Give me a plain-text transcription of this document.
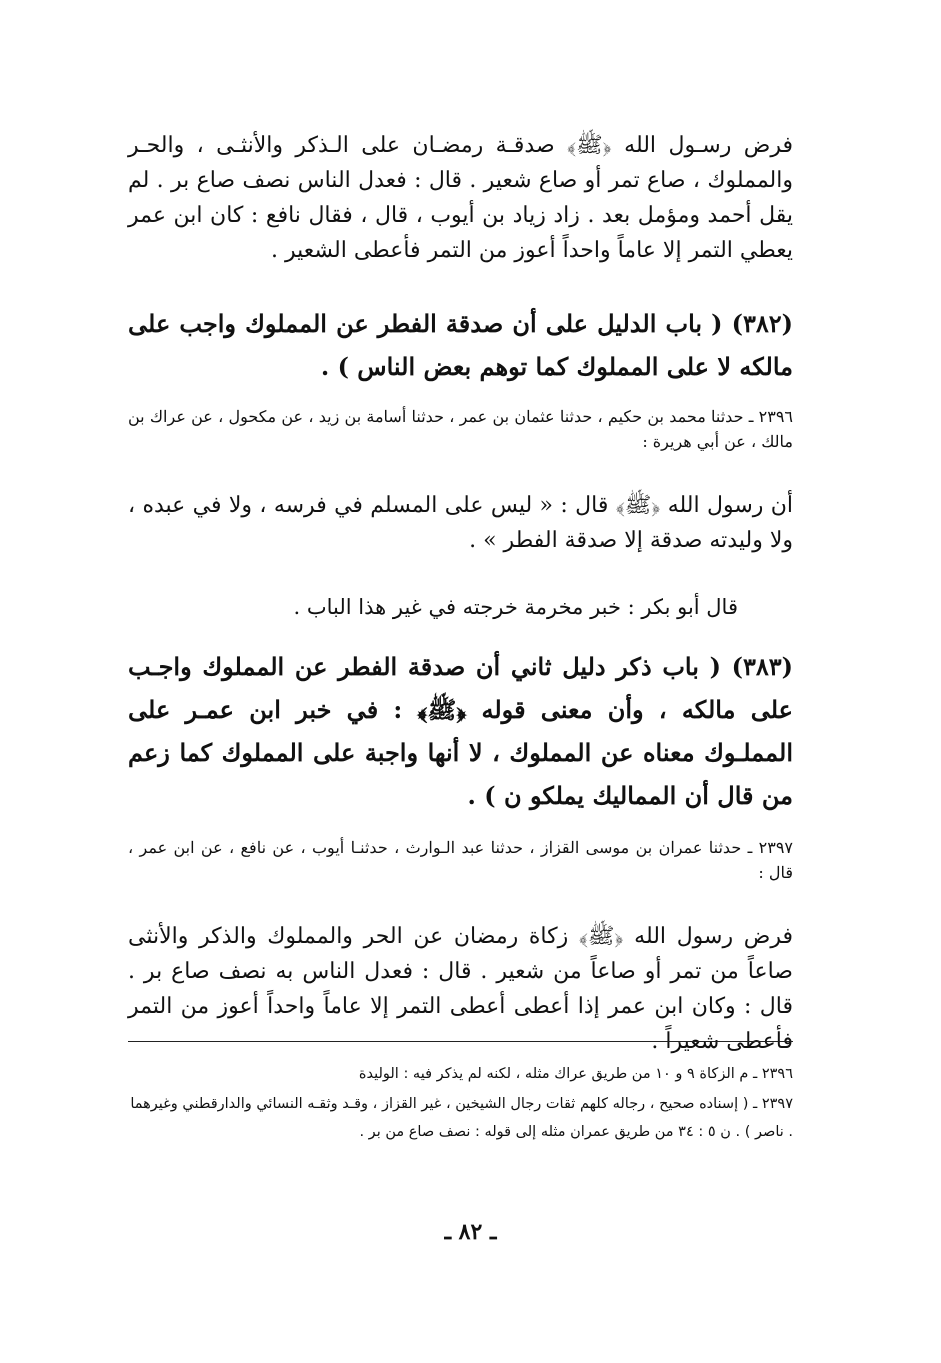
فرض رسـول الله ﴿ﷺ﴾ صدقـة رمضـان على الـذكر والأنثـى ، والحـر والمملوك ، صاع تمر أو صاع شعير . قال : فعدل الناس نصف صاع بر . لم يقل أحمد ومؤمل بعد . زاد زياد بن أيوب ، قال ، فقال نافع : كان ابن عمر يعطي التمر إلا عاماً واحداً أعوز من التمر فأعطى الشعير .
(٣٨٢) ( باب الدليل على أن صدقة الفطر عن المملوك واجب على مالكه لا على المملوك كما توهم بعض الناس ) .
٢٣٩٦ ـ حدثنا محمد بن حكيم ، حدثنا عثمان بن عمر ، حدثنا أسامة بن زيد ، عن مكحول ، عن عراك بن مالك ، عن أبي هريرة :
أن رسول الله ﴿ﷺ﴾ قال : « ليس على المسلم في فرسه ، ولا في عبده ، ولا وليدته صدقة إلا صدقة الفطر » .
قال أبو بكر : خبر مخرمة خرجته في غير هذا الباب .
(٣٨٣) ( باب ذكر دليل ثاني أن صدقة الفطر عن المملوك واجـب على مالكه ، وأن معنى قوله ﴿ﷺ﴾ : في خبر ابن عمـر على المملـوك معناه عن المملوك ، لا أنها واجبة على المملوك كما زعم من قال أن المماليك يملكو ن ) .
٢٣٩٧ ـ حدثنا عمران بن موسى القزاز ، حدثنا عبد الـوارث ، حدثنـا أيوب ، عن نافع ، عن ابن عمر ، قال :
فرض رسول الله ﴿ﷺ﴾ زكاة رمضان عن الحر والمملوك والذكر والأنثى صاعاً من تمر أو صاعاً من شعير . قال : فعدل الناس به نصف صاع بر . قال : وكان ابن عمر إذا أعطى أعطى التمر إلا عاماً واحداً أعوز من التمر فأعطى شعيراً .
٢٣٩٦ ـ م الزكاة ٩ و ١٠ من طريق عراك مثله ، لكنه لم يذكر فيه : الوليدة
٢٣٩٧ ـ ( إسناده صحيح ، رجاله كلهم ثقات رجال الشيخين ، غير القزاز ، وقـد وثقـه النسائي والدارقطني وغيرهما . ناصر ) . ن ٥ : ٣٤ من طريق عمران مثله إلى قوله : نصف صاع من بر .
ـ ٨٢ ـ
